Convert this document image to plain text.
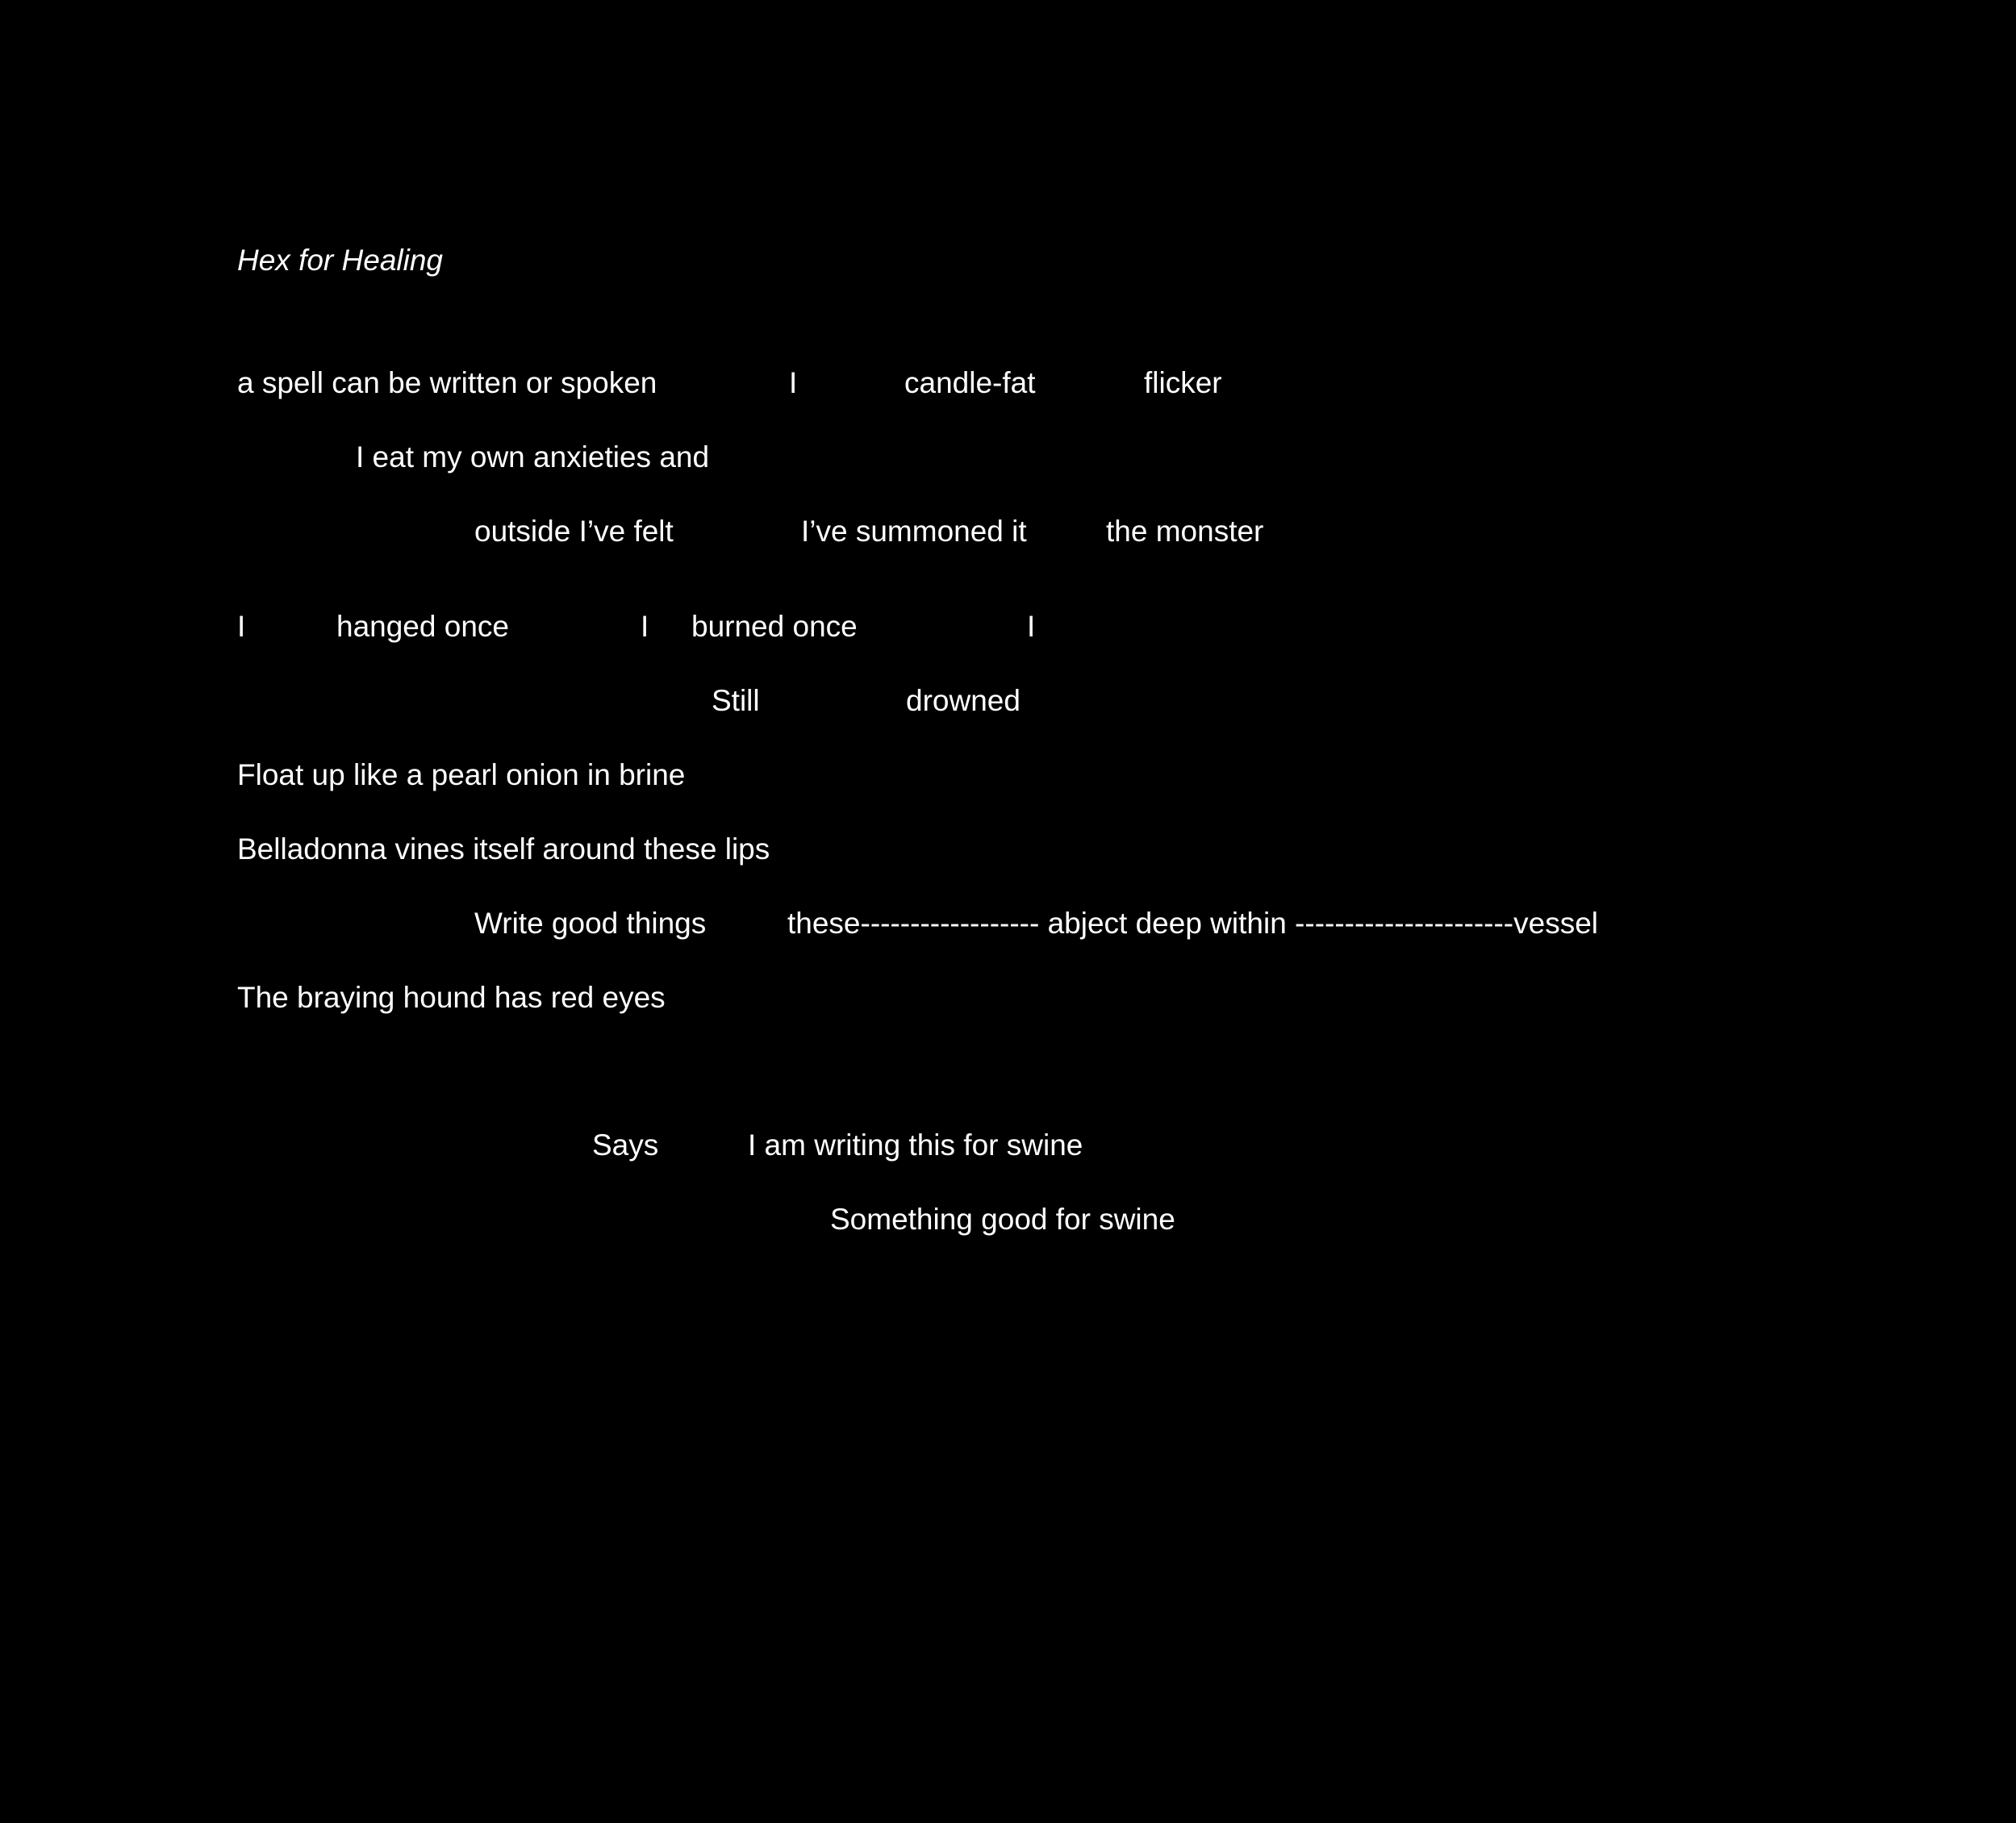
Hex for Healing
a spell can be written or spoken	I	candle-fat	flicker
I eat my own anxieties and
outside I’ve felt	I’ve summoned it	the monster
I	hanged once	I burned once	I
Still	drowned
Float up like a pearl onion in brine
Belladonna vines itself around these lips
Write good things	these------------------ abject deep within ----------------------vessel
The braying hound has red eyes
Says	I am writing this for swine
Something good for swine
